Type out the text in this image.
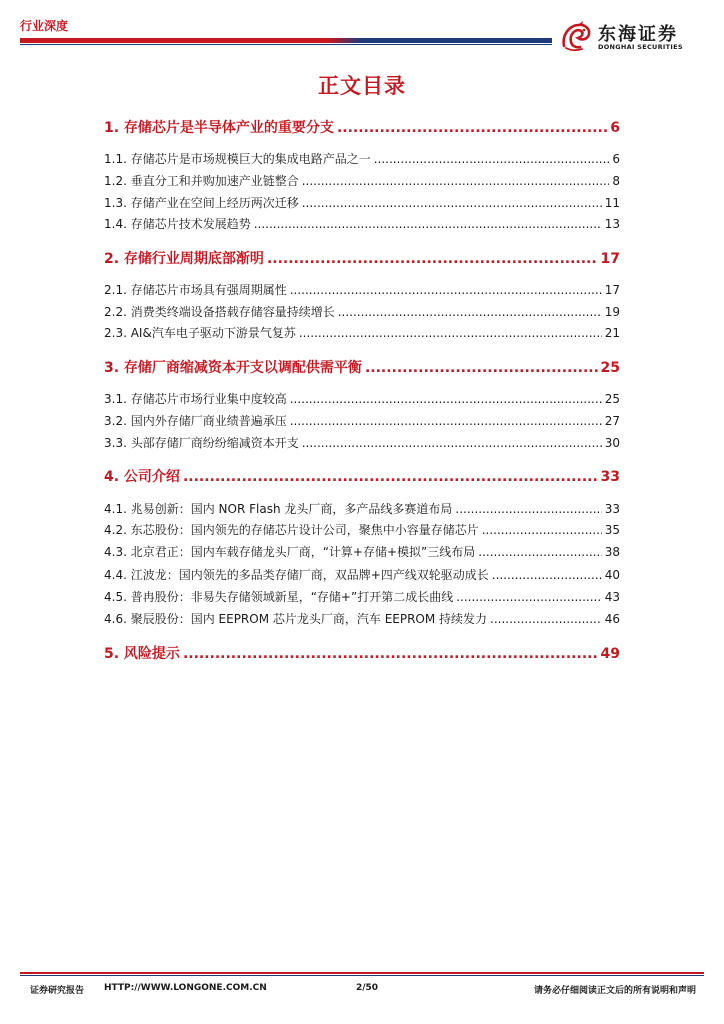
行业深度	东海证券
DONGHAI SECURITIES
正文目录
1. 存储芯片是半导体产业的重要分支 .....	6
1.1. 存储芯片是市场规模巨大的集成电路产品之一 .....	6
1.2. 垂直分工和并购加速产业链整合 .....	8
1.3. 存储产业在空间上经历两次迁移 .....	11
1.4. 存储芯片技术发展趋势 .....	13
2. 存储行业周期底部渐明 .....	17
2.1. 存储芯片市场具有强周期属性 .....	17
2.2. 消费类终端设备搭载存储容量持续增长 .....	19
2.3. AI&汽车电子驱动下游景气复苏 .....	21
3. 存储厂商缩减资本开支以调配供需平衡 .....	25
3.1. 存储芯片市场行业集中度较高 .....	25
3.2. 国内外存储厂商业绩普遍承压 .....	27
3.3. 头部存储厂商纷纷缩减资本开支 .....	30
4. 公司介绍 .....	33
4.1. 兆易创新：国内 NOR Flash 龙头厂商，多产品线多赛道布局 .....	33
4.2. 东芯股份：国内领先的存储芯片设计公司，聚焦中小容量存储芯片 .....	35
4.3. 北京君正：国内车载存储龙头厂商，“计算+存储+模拟”三线布局 .....	38
4.4. 江波龙：国内领先的多品类存储厂商，双品牌+四产线双轮驱动成长 .....	40
4.5. 普冉股份：非易失存储领域新星，“存储+”打开第二成长曲线 .....	43
4.6. 聚辰股份：国内 EEPROM 芯片龙头厂商，汽车 EEPROM 持续发力 .....	46
5. 风险提示 .....	49
证券研究报告 HTTP://WWW.LONGONE.COM.CN	2/50	请务必仔细阅读正文后的所有说明和声明
